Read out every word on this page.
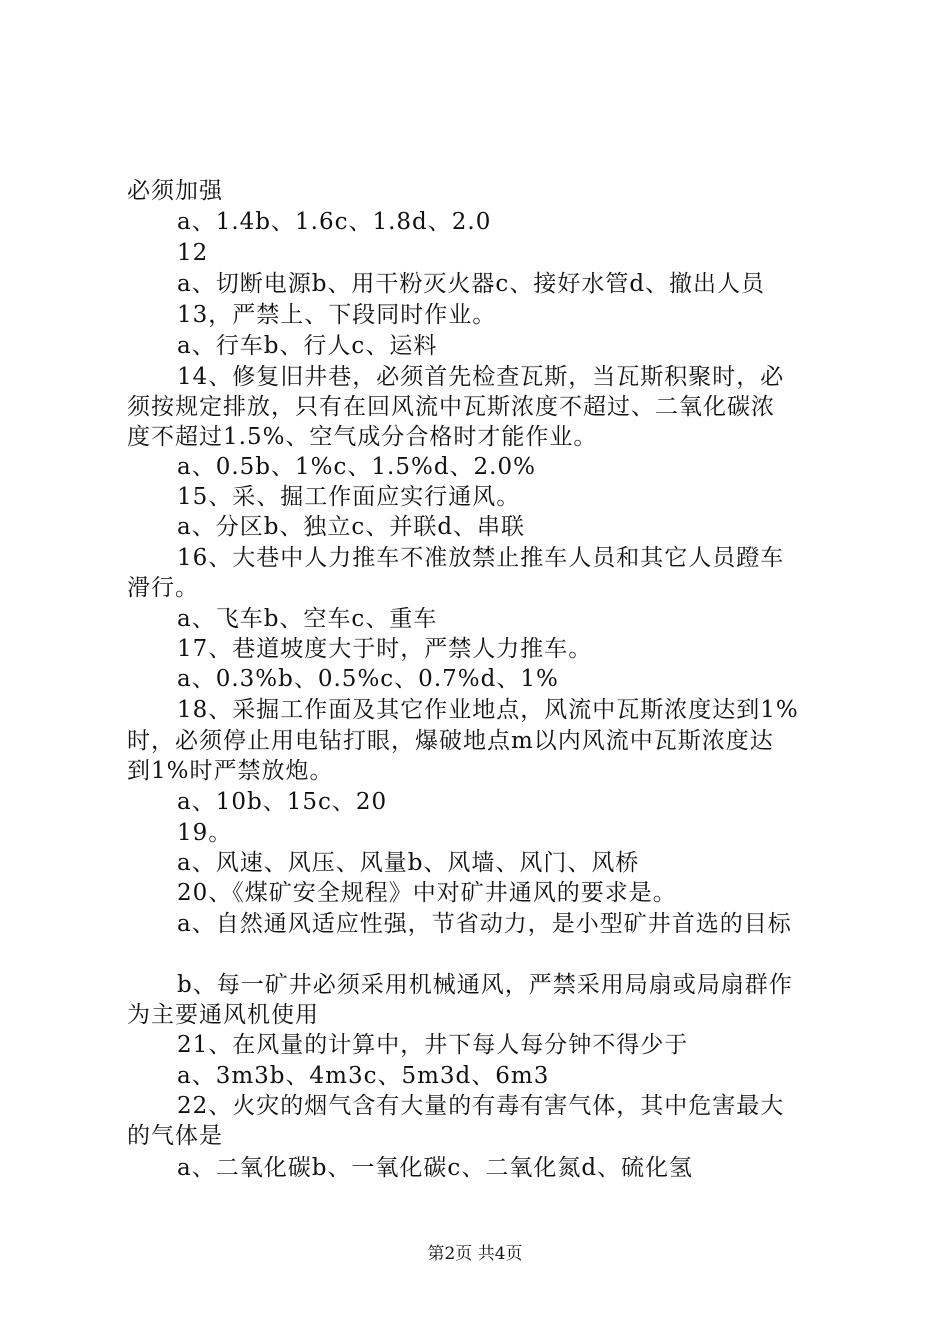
必须加强
a、1.4b、1.6c、1.8d、2.0
12
a、切断电源b、用干粉灭火器c、接好水管d、撤出人员
13，严禁上、下段同时作业。
a、行车b、行人c、运料
14、修复旧井巷，必须首先检查瓦斯，当瓦斯积聚时，必
须按规定排放，只有在回风流中瓦斯浓度不超过、二氧化碳浓
度不超过1.5%、空气成分合格时才能作业。
a、0.5b、1%c、1.5%d、2.0%
15、采、掘工作面应实行通风。
a、分区b、独立c、并联d、串联
16、大巷中人力推车不准放禁止推车人员和其它人员蹬车
滑行。
a、飞车b、空车c、重车
17、巷道坡度大于时，严禁人力推车。
a、0.3%b、0.5%c、0.7%d、1%
18、采掘工作面及其它作业地点，风流中瓦斯浓度达到1%
时，必须停止用电钻打眼，爆破地点m以内风流中瓦斯浓度达
到1%时严禁放炮。
a、10b、15c、20
19。
a、风速、风压、风量b、风墙、风门、风桥
20、《煤矿安全规程》中对矿井通风的要求是。
a、自然通风适应性强，节省动力，是小型矿井首选的目标
b、每一矿井必须采用机械通风，严禁采用局扇或局扇群作
为主要通风机使用
21、在风量的计算中，井下每人每分钟不得少于
a、3m3b、4m3c、5m3d、6m3
22、火灾的烟气含有大量的有毒有害气体，其中危害最大
的气体是
a、二氧化碳b、一氧化碳c、二氧化氮d、硫化氢
第2页 共4页
